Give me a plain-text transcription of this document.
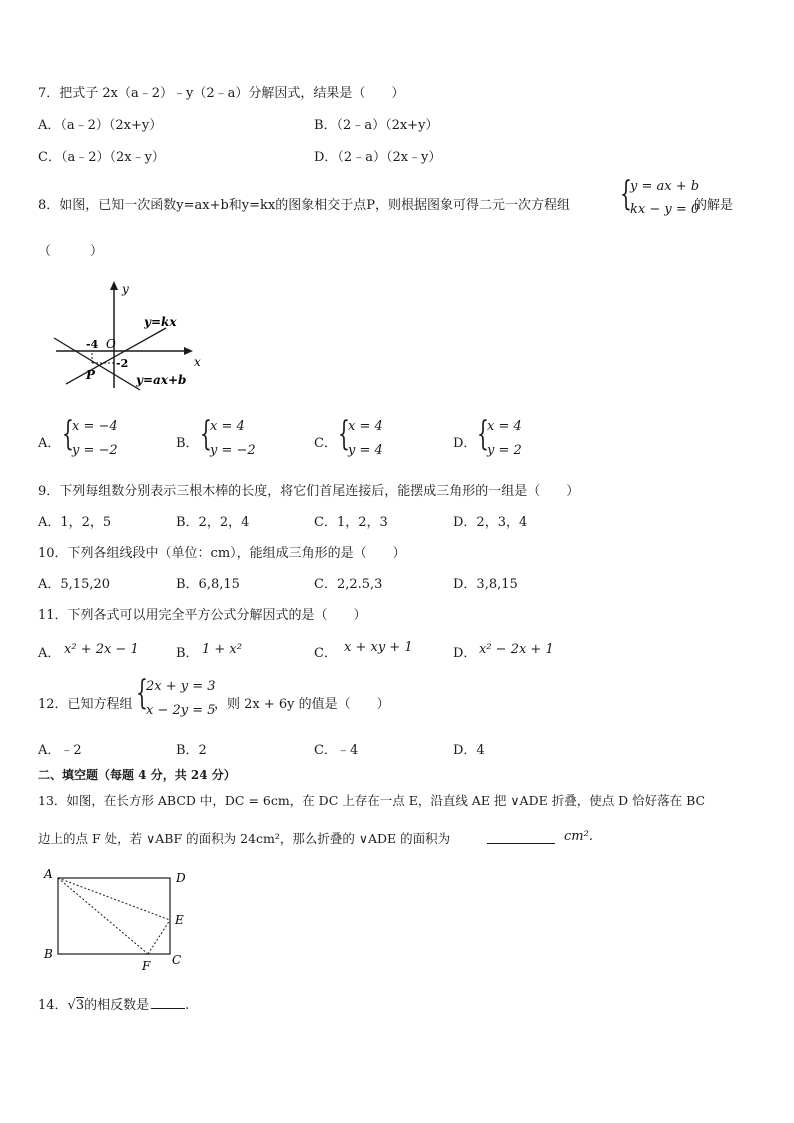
7．把式子 2x（a﹣2）﹣y（2﹣a）分解因式，结果是（　　）
A．（a﹣2）（2x+y）	B．（2﹣a）（2x+y）
C．（a﹣2）（2x﹣y）	D．（2﹣a）（2x﹣y）
8．如图，已知一次函数y=ax+b和y=kx的图象相交于点P，则根据图象可得二元一次方程组 {
y = ax + b
kx − y = 0
的解是
（　　　）
y
x
O
-4
-2
P
y=kx
y=ax+b
A． {
x = −4
y = −2	B． {
x = 4
y = −2	C． {
x = 4
y = 4	D． {
x = 4
y = 2
9．下列每组数分别表示三根木棒的长度，将它们首尾连接后，能摆成三角形的一组是（　　）
A．1，2，5	B．2，2，4	C．1，2，3	D．2，3，4
10．下列各组线段中（单位：cm），能组成三角形的是（　　）
A．5,15,20	B．6,8,15	C．2,2.5,3	D．3,8,15
11．下列各式可以用完全平方公式分解因式的是（　　）
A． x² + 2x − 1	B． 1 + x²	C． x + xy + 1	D． x² − 2x + 1
12．已知方程组 {
2x + y = 3
x − 2y = 5
，则 2x + 6y 的值是（　　）
A．﹣2	B．2	C．﹣4	D．4
二、填空题（每题 4 分，共 24 分）
13．如图，在长方形 ABCD 中，DC = 6cm，在 DC 上存在一点 E，沿直线 AE 把 ∨ADE 折叠，使点 D 恰好落在 BC
边上的点 F 处，若 ∨ABF 的面积为 24cm²，那么折叠的 ∨ADE 的面积为	cm².
A	D
E
B	C
F
14．√3的相反数是	.
